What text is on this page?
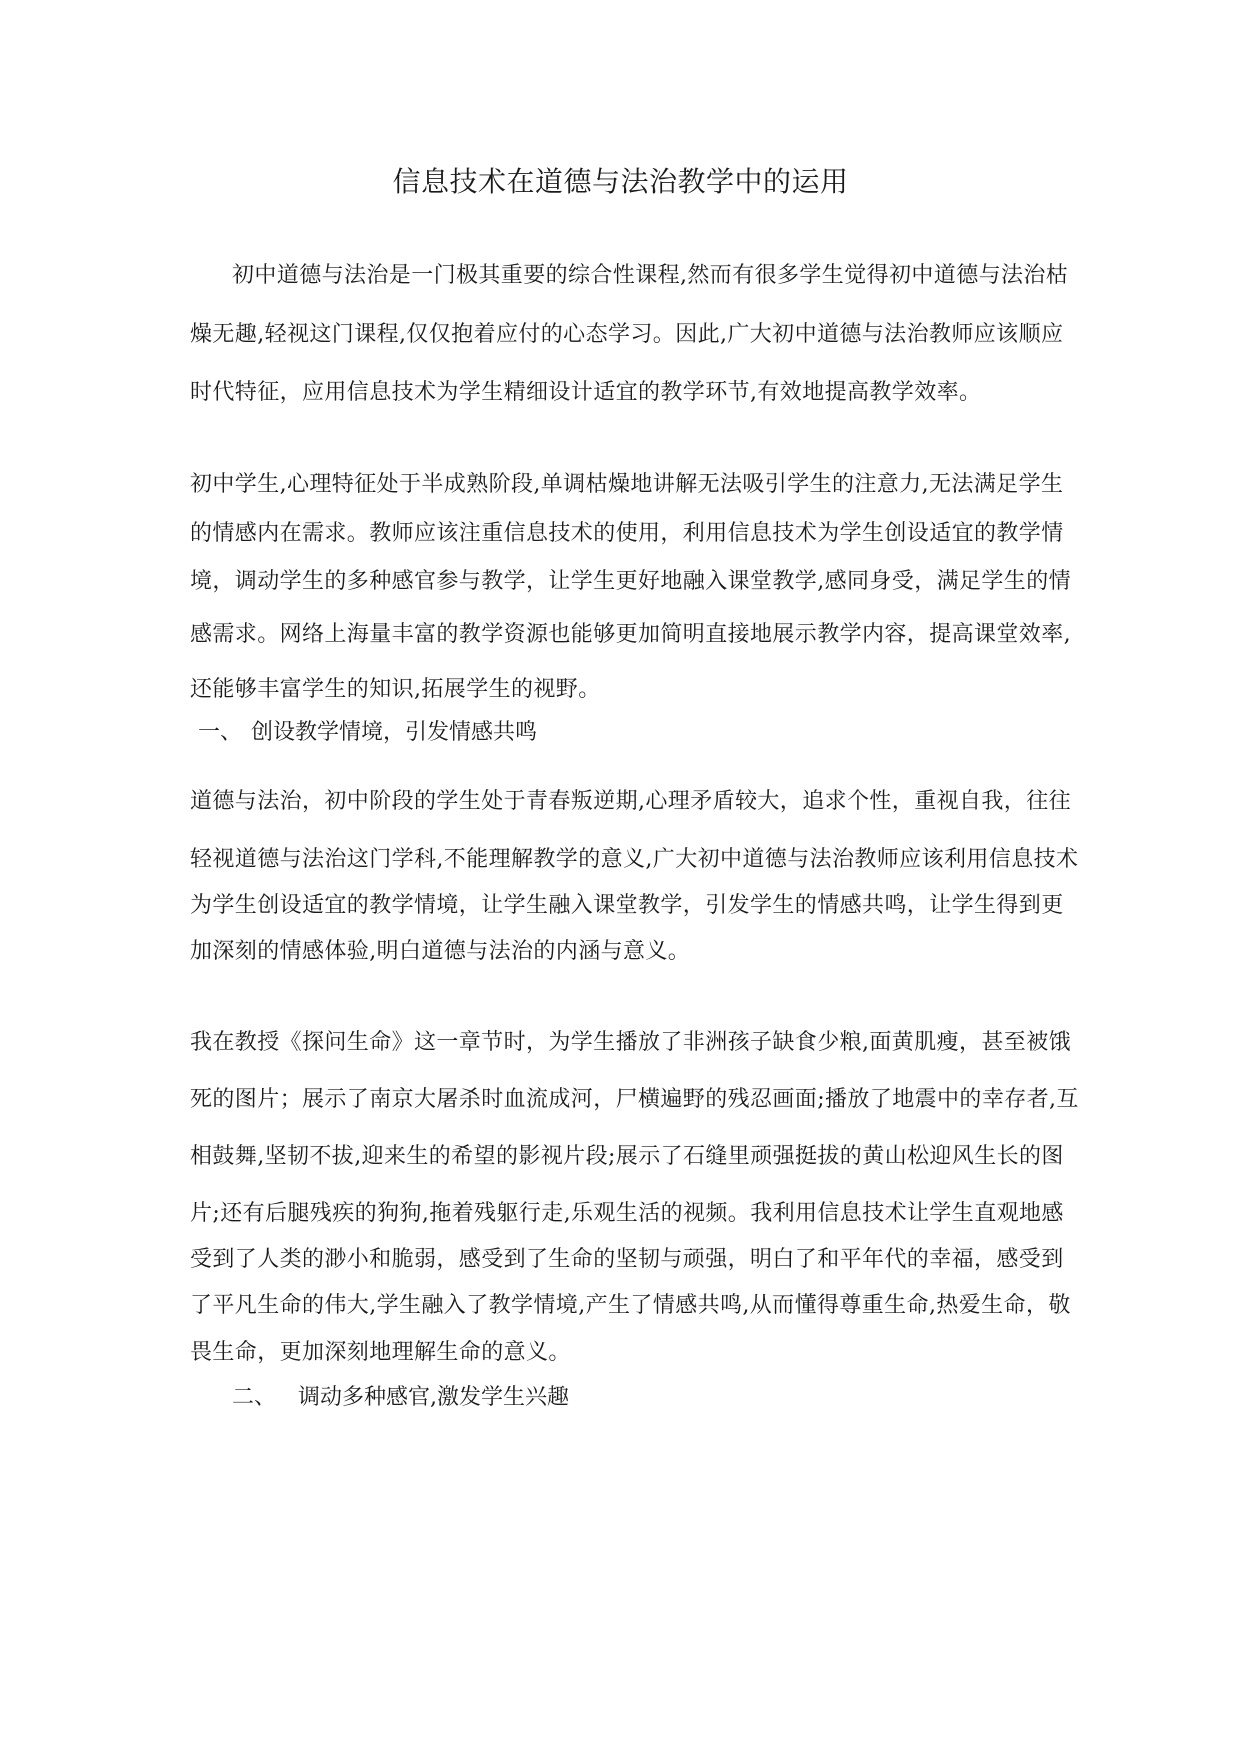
信息技术在道德与法治教学中的运用
初中道德与法治是一门极其重要的综合性课程,然而有很多学生觉得初中道德与法治枯
燥无趣,轻视这门课程,仅仅抱着应付的心态学习。因此,广大初中道德与法治教师应该顺应
时代特征，应用信息技术为学生精细设计适宜的教学环节,有效地提高教学效率。
初中学生,心理特征处于半成熟阶段,单调枯燥地讲解无法吸引学生的注意力,无法满足学生
的情感内在需求。教师应该注重信息技术的使用，利用信息技术为学生创设适宜的教学情
境，调动学生的多种感官参与教学，让学生更好地融入课堂教学,感同身受，满足学生的情
感需求。网络上海量丰富的教学资源也能够更加简明直接地展示教学内容，提高课堂效率,
还能够丰富学生的知识,拓展学生的视野。
一、 创设教学情境，引发情感共鸣
道德与法治，初中阶段的学生处于青春叛逆期,心理矛盾较大，追求个性，重视自我，往往
轻视道德与法治这门学科,不能理解教学的意义,广大初中道德与法治教师应该利用信息技术
为学生创设适宜的教学情境，让学生融入课堂教学，引发学生的情感共鸣，让学生得到更
加深刻的情感体验,明白道德与法治的内涵与意义。
我在教授《探问生命》这一章节时，为学生播放了非洲孩子缺食少粮,面黄肌瘦，甚至被饿
死的图片；展示了南京大屠杀时血流成河，尸横遍野的残忍画面;播放了地震中的幸存者,互
相鼓舞,坚韧不拔,迎来生的希望的影视片段;展示了石缝里顽强挺拔的黄山松迎风生长的图
片;还有后腿残疾的狗狗,拖着残躯行走,乐观生活的视频。我利用信息技术让学生直观地感
受到了人类的渺小和脆弱，感受到了生命的坚韧与顽强，明白了和平年代的幸福，感受到
了平凡生命的伟大,学生融入了教学情境,产生了情感共鸣,从而懂得尊重生命,热爱生命，敬
畏生命，更加深刻地理解生命的意义。
二、 调动多种感官,激发学生兴趣
